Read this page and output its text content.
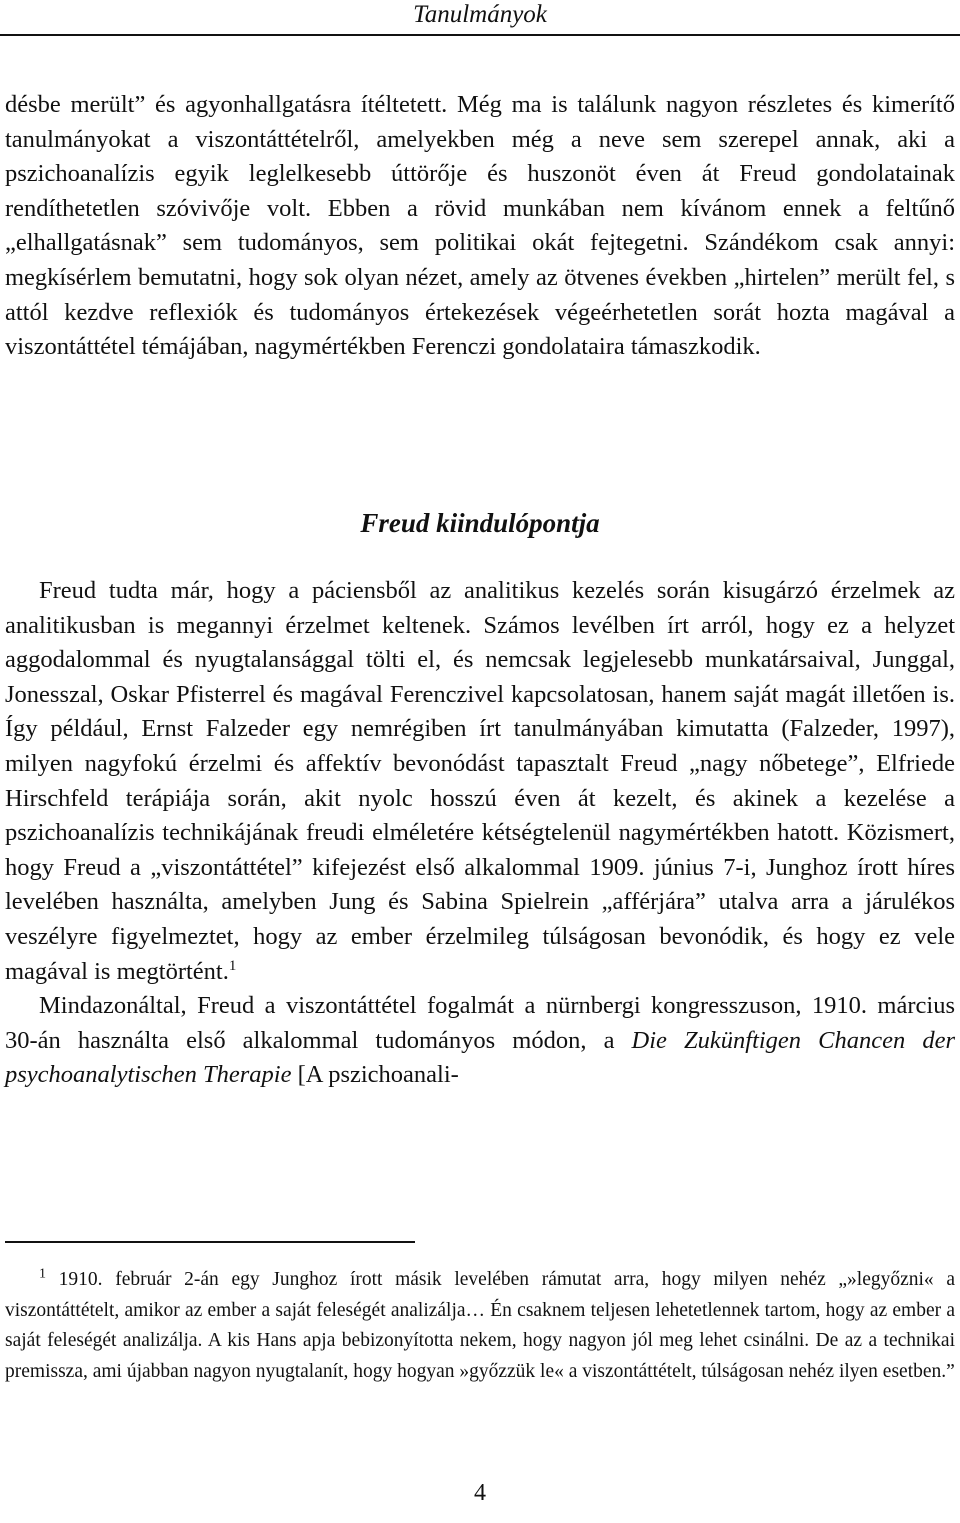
Tanulmányok

désbe merült” és agyonhallgatásra ítéltetett. Még ma is találunk nagyon részletes és kimerítő tanulmányokat a viszontáttételről, amelyekben még a neve sem szerepel annak, aki a pszichoanalízis egyik leglelkesebb úttörője és huszonöt éven át Freud gondolatainak rendíthetetlen szóvivője volt. Ebben a rövid munkában nem kívánom ennek a feltűnő „elhallgatásnak” sem tudományos, sem politikai okát fejtegetni. Szándékom csak annyi: megkísérlem bemutatni, hogy sok olyan nézet, amely az ötvenes években „hirtelen” merült fel, s attól kezdve reflexiók és tudományos értekezések végeérhetetlen sorát hozta magával a viszontáttétel témájában, nagymértékben Ferenczi gondolataira támaszkodik.

Freud kiindulópontja

Freud tudta már, hogy a páciensből az analitikus kezelés során kisugárzó érzelmek az analitikusban is megannyi érzelmet keltenek. Számos levélben írt arról, hogy ez a helyzet aggodalommal és nyugtalansággal tölti el, és nemcsak legjelesebb munkatársaival, Junggal, Jonesszal, Oskar Pfisterrel és magával Ferenczivel kapcsolatosan, hanem saját magát illetően is. Így például, Ernst Falzeder egy nemrégiben írt tanulmányában kimutatta (Falzeder, 1997), milyen nagyfokú érzelmi és affektív bevonódást tapasztalt Freud „nagy nőbetege”, Elfriede Hirschfeld terápiája során, akit nyolc hosszú éven át kezelt, és akinek a kezelése a pszichoanalízis technikájának freudi elméletére kétségtelenül nagymértékben hatott. Közismert, hogy Freud a „viszontáttétel” kifejezést első alkalommal 1909. június 7-i, Junghoz írott híres levelében használta, amelyben Jung és Sabina Spielrein „afférjára” utalva arra a járulékos veszélyre figyelmeztet, hogy az ember érzelmileg túlságosan bevonódik, és hogy ez vele magával is megtörtént.$^1$

Mindazonáltal, Freud a viszontáttétel fogalmát a nürnbergi kongresszuson, 1910. március 30-án használta első alkalommal tudományos módon, a Die Zukünftigen Chancen der psychoanalytischen Therapie [A pszichoanali-

$^1$ 1910. február 2-án egy Junghoz írott másik levelében rámutat arra, hogy milyen nehéz „»legyőzni« a viszontáttételt, amikor az ember a saját feleségét analizálja… Én csaknem teljesen lehetetlennek tartom, hogy az ember a saját feleségét analizálja. A kis Hans apja bebizonyította nekem, hogy nagyon jól meg lehet csinálni. De az a technikai premissza, ami újabban nagyon nyugtalanít, hogy hogyan »győzzük le« a viszontáttételt, túlságosan nehéz ilyen esetben.”
4
